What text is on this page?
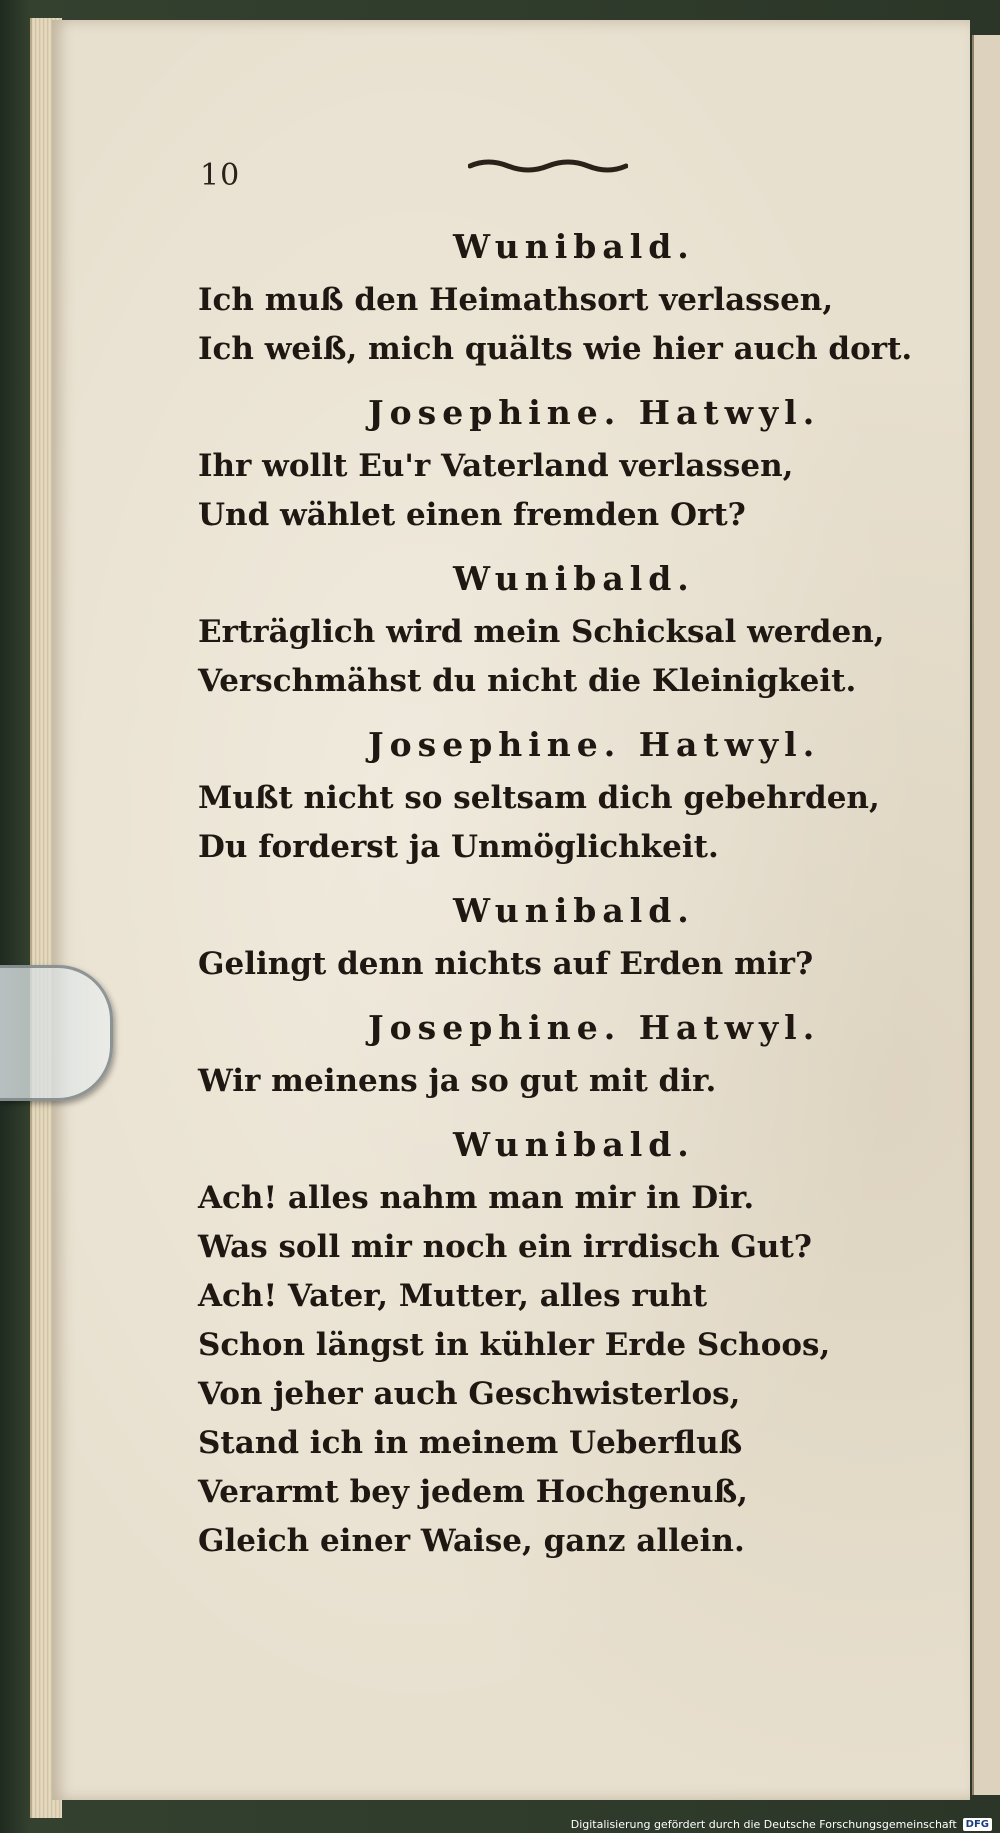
10
Wunibald.
Ich muß den Heimathsort verlassen,
Ich weiß, mich quälts wie hier auch dort.
Josephine. Hatwyl.
Ihr wollt Eu'r Vaterland verlassen,
Und wählet einen fremden Ort?
Wunibald.
Erträglich wird mein Schicksal werden,
Verschmähst du nicht die Kleinigkeit.
Josephine. Hatwyl.
Mußt nicht so seltsam dich gebehrden,
Du forderst ja Unmöglichkeit.
Wunibald.
Gelingt denn nichts auf Erden mir?
Josephine. Hatwyl.
Wir meinens ja so gut mit dir.
Wunibald.
Ach! alles nahm man mir in Dir.
Was soll mir noch ein irrdisch Gut?
Ach! Vater, Mutter, alles ruht
Schon längst in kühler Erde Schoos,
Von jeher auch Geschwisterlos,
Stand ich in meinem Ueberfluß
Verarmt bey jedem Hochgenuß,
Gleich einer Waise, ganz allein.
Digitalisierung gefördert durch die Deutsche Forschungsgemeinschaft DFG
